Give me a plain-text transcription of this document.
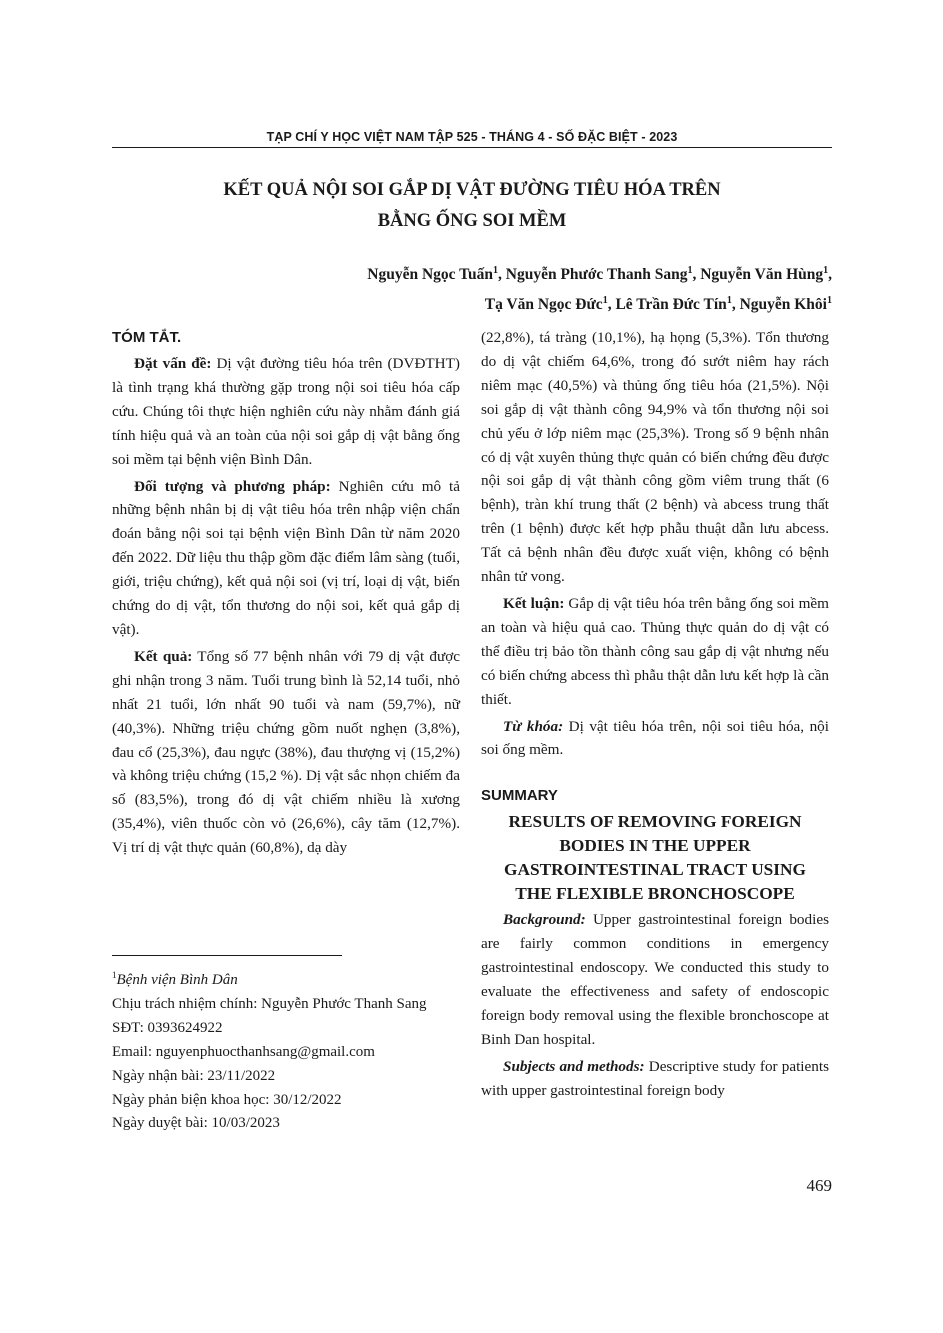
TẠP CHÍ Y HỌC VIỆT NAM TẬP 525 - THÁNG 4 - SỐ ĐẶC BIỆT - 2023
KẾT QUẢ NỘI SOI GẮP DỊ VẬT ĐƯỜNG TIÊU HÓA TRÊN
BẰNG ỐNG SOI MỀM
Nguyễn Ngọc Tuấn$^1$, Nguyễn Phước Thanh Sang$^1$, Nguyễn Văn Hùng$^1$,
Tạ Văn Ngọc Đức$^1$, Lê Trần Đức Tín$^1$, Nguyễn Khôi$^1$
TÓM TẮT.

Đặt vấn đề: Dị vật đường tiêu hóa trên (DVĐTHT) là tình trạng khá thường gặp trong nội soi tiêu hóa cấp cứu. Chúng tôi thực hiện nghiên cứu này nhằm đánh giá tính hiệu quả và an toàn của nội soi gắp dị vật bằng ống soi mềm tại bệnh viện Bình Dân.

Đối tượng và phương pháp: Nghiên cứu mô tả những bệnh nhân bị dị vật tiêu hóa trên nhập viện chẩn đoán bằng nội soi tại bệnh viện Bình Dân từ năm 2020 đến 2022. Dữ liệu thu thập gồm đặc điểm lâm sàng (tuổi, giới, triệu chứng), kết quả nội soi (vị trí, loại dị vật, biến chứng do dị vật, tổn thương do nội soi, kết quả gắp dị vật).

Kết quả: Tổng số 77 bệnh nhân với 79 dị vật được ghi nhận trong 3 năm. Tuổi trung bình là 52,14 tuổi, nhỏ nhất 21 tuổi, lớn nhất 90 tuổi và nam (59,7%), nữ (40,3%). Những triệu chứng gồm nuốt nghẹn (3,8%), đau cổ (25,3%), đau ngực (38%), đau thượng vị (15,2%) và không triệu chứng (15,2 %). Dị vật sắc nhọn chiếm đa số (83,5%), trong đó dị vật chiếm nhiều là xương (35,4%), viên thuốc còn vỏ (26,6%), cây tăm (12,7%). Vị trí dị vật thực quản (60,8%), dạ dày

$^1$Bệnh viện Bình Dân
Chịu trách nhiệm chính: Nguyễn Phước Thanh Sang
SĐT: 0393624922
Email: nguyenphuocthanhsang@gmail.com
Ngày nhận bài: 23/11/2022
Ngày phản biện khoa học: 30/12/2022
Ngày duyệt bài: 10/03/2023

(22,8%), tá tràng (10,1%), hạ họng (5,3%). Tổn thương do dị vật chiếm 64,6%, trong đó sướt niêm hay rách niêm mạc (40,5%) và thủng ống tiêu hóa (21,5%). Nội soi gắp dị vật thành công 94,9% và tổn thương nội soi chủ yếu ở lớp niêm mạc (25,3%). Trong số 9 bệnh nhân có dị vật xuyên thủng thực quản có biến chứng đều được nội soi gắp dị vật thành công gồm viêm trung thất (6 bệnh), tràn khí trung thất (2 bệnh) và abcess trung thất trên (1 bệnh) được kết hợp phẫu thuật dẫn lưu abcess. Tất cả bệnh nhân đều được xuất viện, không có bệnh nhân tử vong.

Kết luận: Gắp dị vật tiêu hóa trên bằng ống soi mềm an toàn và hiệu quả cao. Thủng thực quản do dị vật có thể điều trị bảo tồn thành công sau gắp dị vật nhưng nếu có biến chứng abcess thì phẫu thật dẫn lưu kết hợp là cần thiết.

Từ khóa: Dị vật tiêu hóa trên, nội soi tiêu hóa, nội soi ống mềm.

SUMMARY
RESULTS OF REMOVING FOREIGN
BODIES IN THE UPPER
GASTROINTESTINAL TRACT USING
THE FLEXIBLE BRONCHOSCOPE

Background: Upper gastrointestinal foreign bodies are fairly common conditions in emergency gastrointestinal endoscopy. We conducted this study to evaluate the effectiveness and safety of endoscopic foreign body removal using the flexible bronchoscope at Binh Dan hospital.

Subjects and methods: Descriptive study for patients with upper gastrointestinal foreign body

469
